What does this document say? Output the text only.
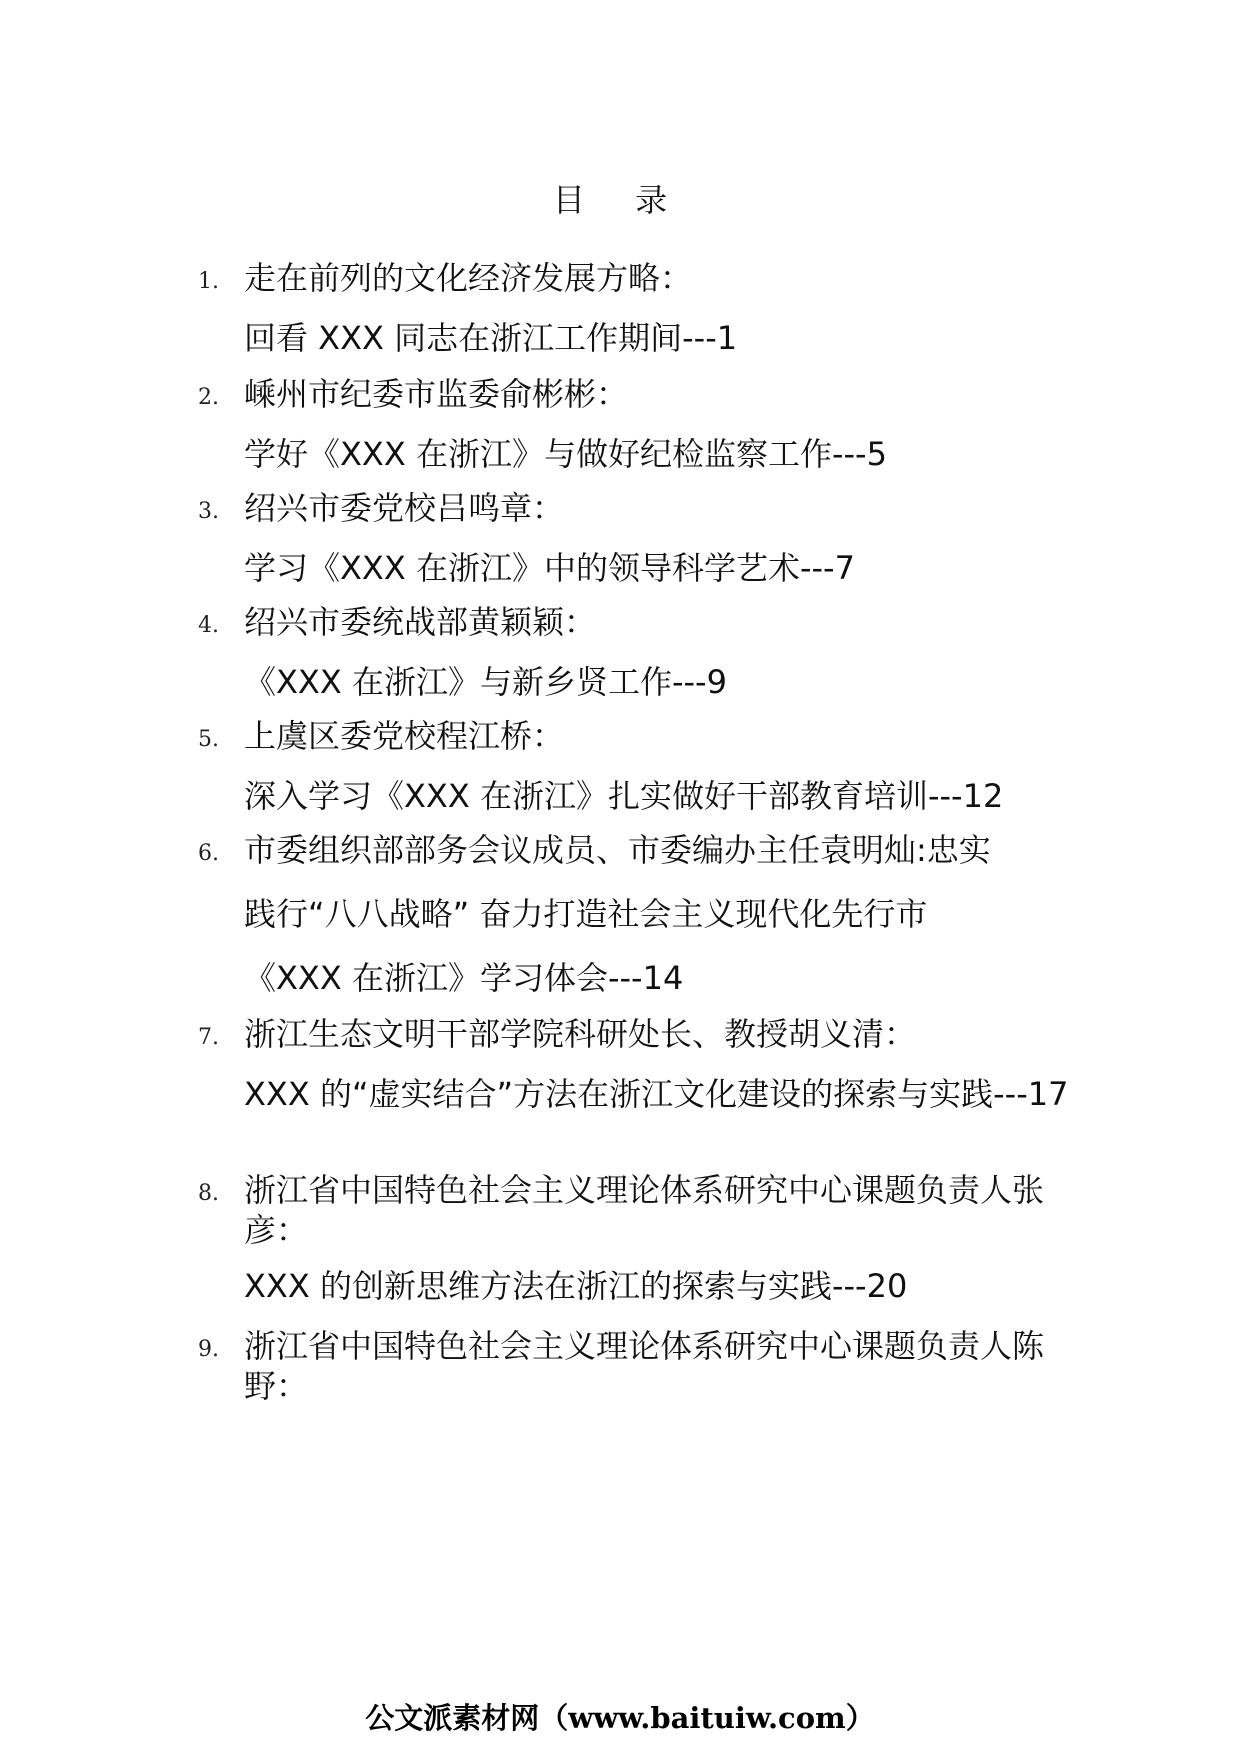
目 录
1. 走在前列的文化经济发展方略：
回看 XXX 同志在浙江工作期间---1
2. 嵊州市纪委市监委俞彬彬：
学好《XXX 在浙江》与做好纪检监察工作---5
3. 绍兴市委党校吕鸣章：
学习《XXX 在浙江》中的领导科学艺术---7
4. 绍兴市委统战部黄颖颖：
《XXX 在浙江》与新乡贤工作---9
5. 上虞区委党校程江桥：
深入学习《XXX 在浙江》扎实做好干部教育培训---12
6. 市委组织部部务会议成员、市委编办主任袁明灿:忠实
践行“八八战略” 奋力打造社会主义现代化先行市
《XXX 在浙江》学习体会---14
7. 浙江生态文明干部学院科研处长、教授胡义清：
XXX 的“虚实结合”方法在浙江文化建设的探索与实践---17
8. 浙江省中国特色社会主义理论体系研究中心课题负责人张彦：
XXX 的创新思维方法在浙江的探索与实践---20
9. 浙江省中国特色社会主义理论体系研究中心课题负责人陈野：
公文派素材网（www.baituiw.com）
